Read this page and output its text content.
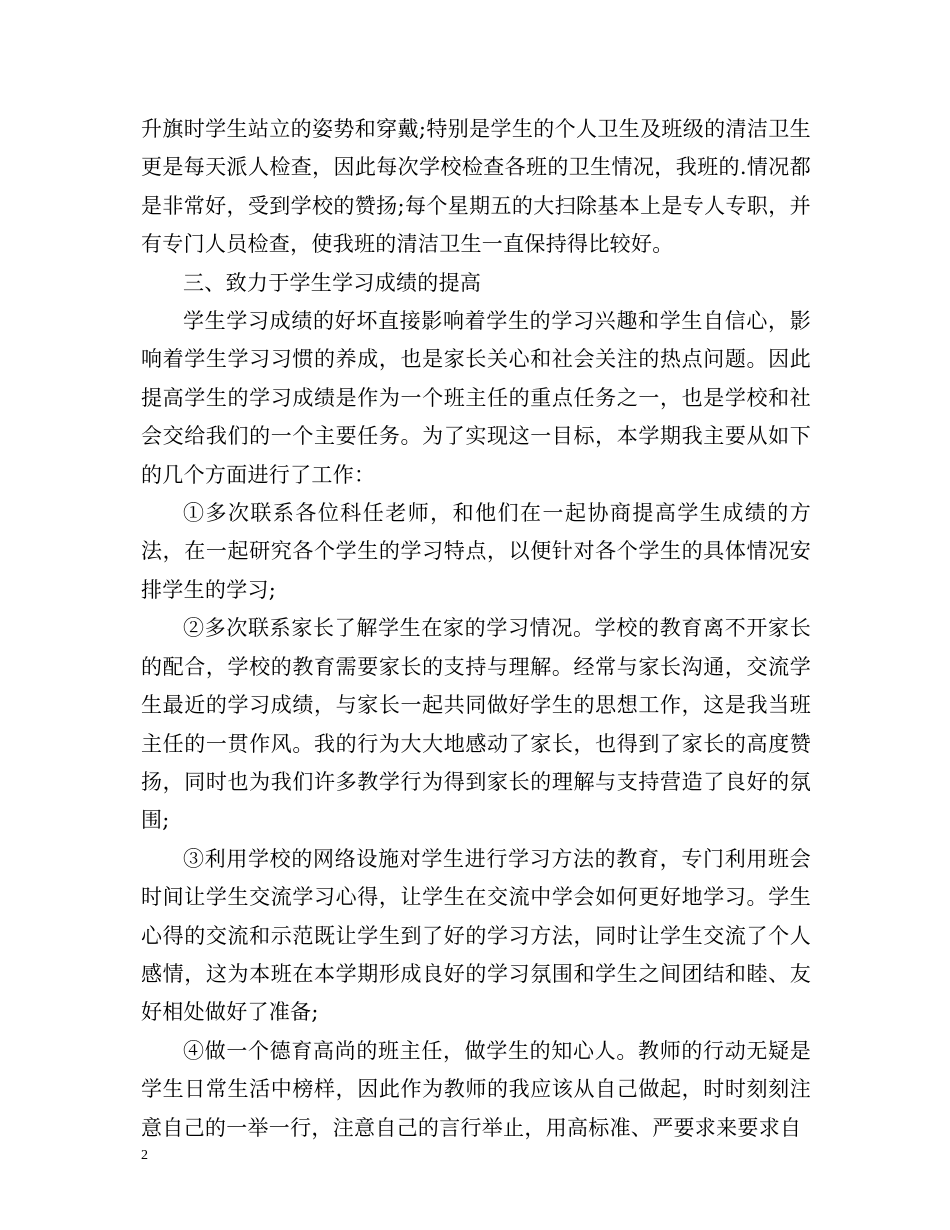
升旗时学生站立的姿势和穿戴;特别是学生的个人卫生及班级的清洁卫生更是每天派人检查，因此每次学校检查各班的卫生情况，我班的.情况都是非常好，受到学校的赞扬;每个星期五的大扫除基本上是专人专职，并有专门人员检查，使我班的清洁卫生一直保持得比较好。

三、致力于学生学习成绩的提高

学生学习成绩的好坏直接影响着学生的学习兴趣和学生自信心，影响着学生学习习惯的养成，也是家长关心和社会关注的热点问题。因此提高学生的学习成绩是作为一个班主任的重点任务之一，也是学校和社会交给我们的一个主要任务。为了实现这一目标，本学期我主要从如下的几个方面进行了工作：

①多次联系各位科任老师，和他们在一起协商提高学生成绩的方法，在一起研究各个学生的学习特点，以便针对各个学生的具体情况安排学生的学习;

②多次联系家长了解学生在家的学习情况。学校的教育离不开家长的配合，学校的教育需要家长的支持与理解。经常与家长沟通，交流学生最近的学习成绩，与家长一起共同做好学生的思想工作，这是我当班主任的一贯作风。我的行为大大地感动了家长，也得到了家长的高度赞扬，同时也为我们许多教学行为得到家长的理解与支持营造了良好的氛围;

③利用学校的网络设施对学生进行学习方法的教育，专门利用班会时间让学生交流学习心得，让学生在交流中学会如何更好地学习。学生心得的交流和示范既让学生到了好的学习方法，同时让学生交流了个人感情，这为本班在本学期形成良好的学习氛围和学生之间团结和睦、友好相处做好了准备;

④做一个德育高尚的班主任，做学生的知心人。教师的行动无疑是学生日常生活中榜样，因此作为教师的我应该从自己做起，时时刻刻注意自己的一举一行，注意自己的言行举止，用高标准、严要求来要求自

2
